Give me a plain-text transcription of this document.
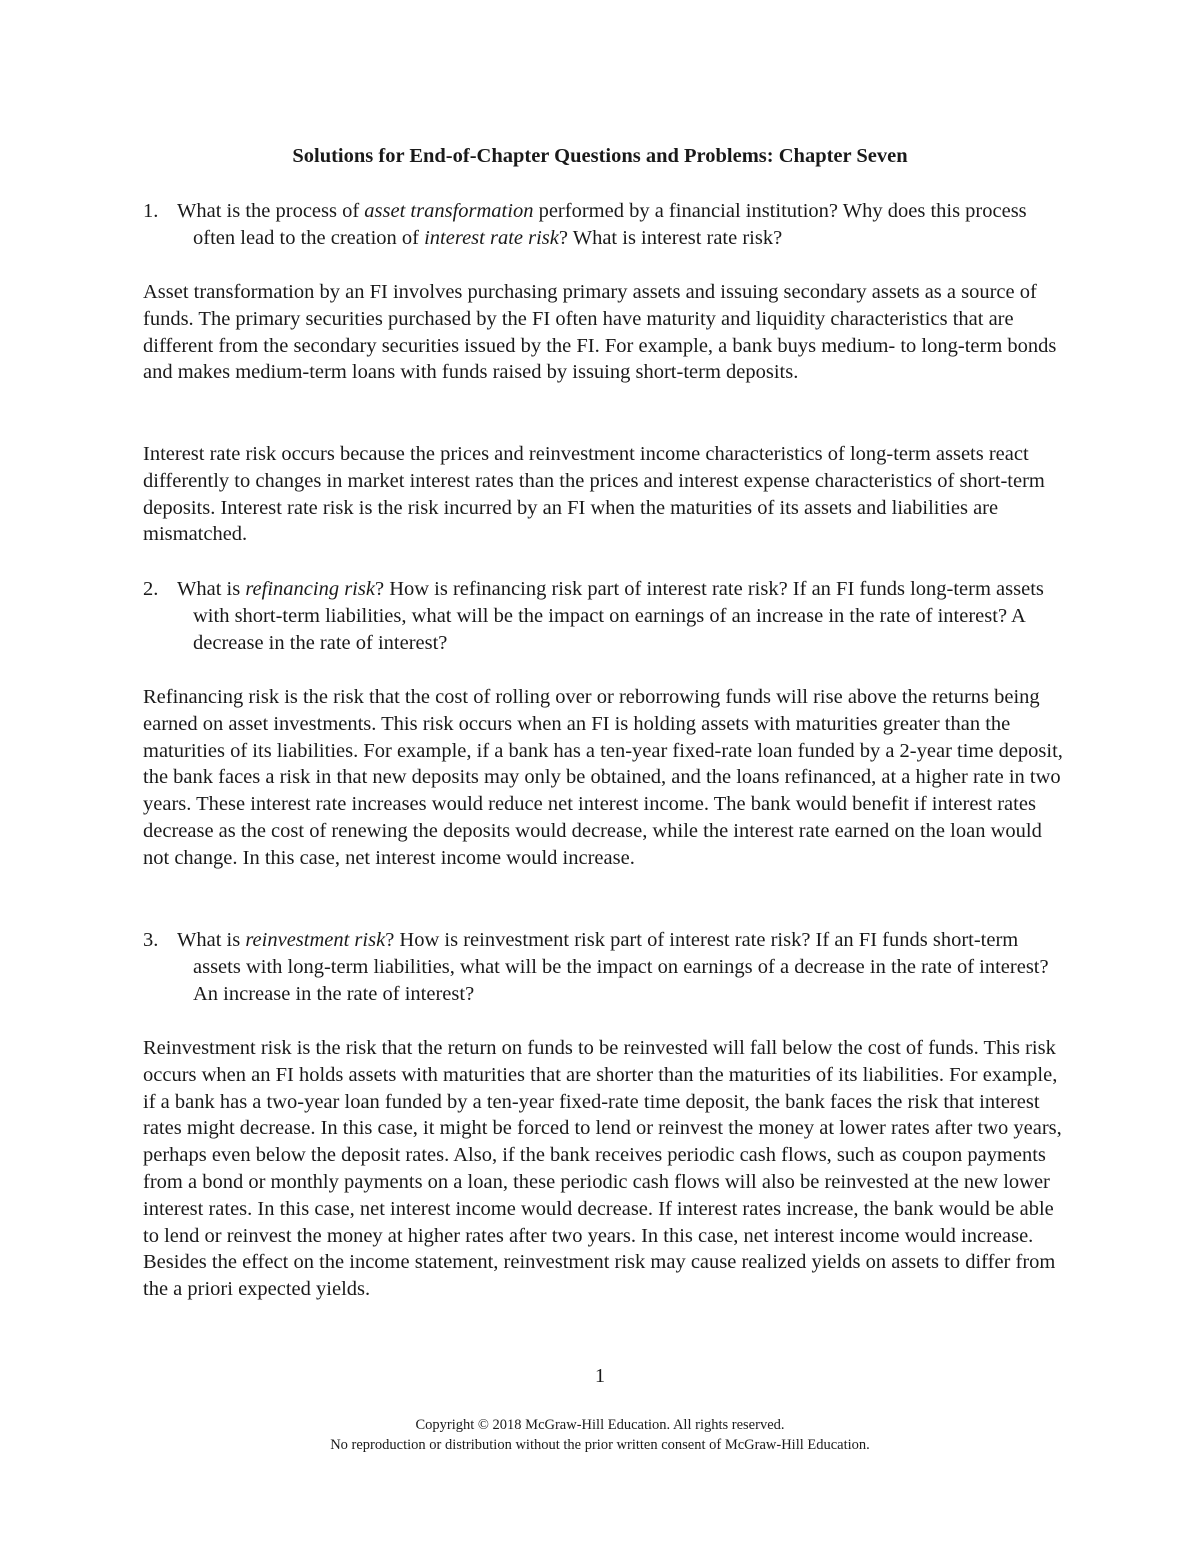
Solutions for End-of-Chapter Questions and Problems: Chapter Seven
1. What is the process of asset transformation performed by a financial institution? Why does this process often lead to the creation of interest rate risk? What is interest rate risk?

Asset transformation by an FI involves purchasing primary assets and issuing secondary assets as a source of funds. The primary securities purchased by the FI often have maturity and liquidity characteristics that are different from the secondary securities issued by the FI. For example, a bank buys medium- to long-term bonds and makes medium-term loans with funds raised by issuing short-term deposits.

Interest rate risk occurs because the prices and reinvestment income characteristics of long-term assets react differently to changes in market interest rates than the prices and interest expense characteristics of short-term deposits. Interest rate risk is the risk incurred by an FI when the maturities of its assets and liabilities are mismatched.

2. What is refinancing risk? How is refinancing risk part of interest rate risk? If an FI funds long-term assets with short-term liabilities, what will be the impact on earnings of an increase in the rate of interest? A decrease in the rate of interest?

Refinancing risk is the risk that the cost of rolling over or reborrowing funds will rise above the returns being earned on asset investments. This risk occurs when an FI is holding assets with maturities greater than the maturities of its liabilities. For example, if a bank has a ten-year fixed-rate loan funded by a 2-year time deposit, the bank faces a risk in that new deposits may only be obtained, and the loans refinanced, at a higher rate in two years. These interest rate increases would reduce net interest income. The bank would benefit if interest rates decrease as the cost of renewing the deposits would decrease, while the interest rate earned on the loan would not change. In this case, net interest income would increase.

3. What is reinvestment risk? How is reinvestment risk part of interest rate risk? If an FI funds short-term assets with long-term liabilities, what will be the impact on earnings of a decrease in the rate of interest? An increase in the rate of interest?

Reinvestment risk is the risk that the return on funds to be reinvested will fall below the cost of funds. This risk occurs when an FI holds assets with maturities that are shorter than the maturities of its liabilities. For example, if a bank has a two-year loan funded by a ten-year fixed-rate time deposit, the bank faces the risk that interest rates might decrease. In this case, it might be forced to lend or reinvest the money at lower rates after two years, perhaps even below the deposit rates. Also, if the bank receives periodic cash flows, such as coupon payments from a bond or monthly payments on a loan, these periodic cash flows will also be reinvested at the new lower interest rates. In this case, net interest income would decrease. If interest rates increase, the bank would be able to lend or reinvest the money at higher rates after two years. In this case, net interest income would increase. Besides the effect on the income statement, reinvestment risk may cause realized yields on assets to differ from the a priori expected yields.

1

Copyright © 2018 McGraw-Hill Education. All rights reserved.

No reproduction or distribution without the prior written consent of McGraw-Hill Education.
